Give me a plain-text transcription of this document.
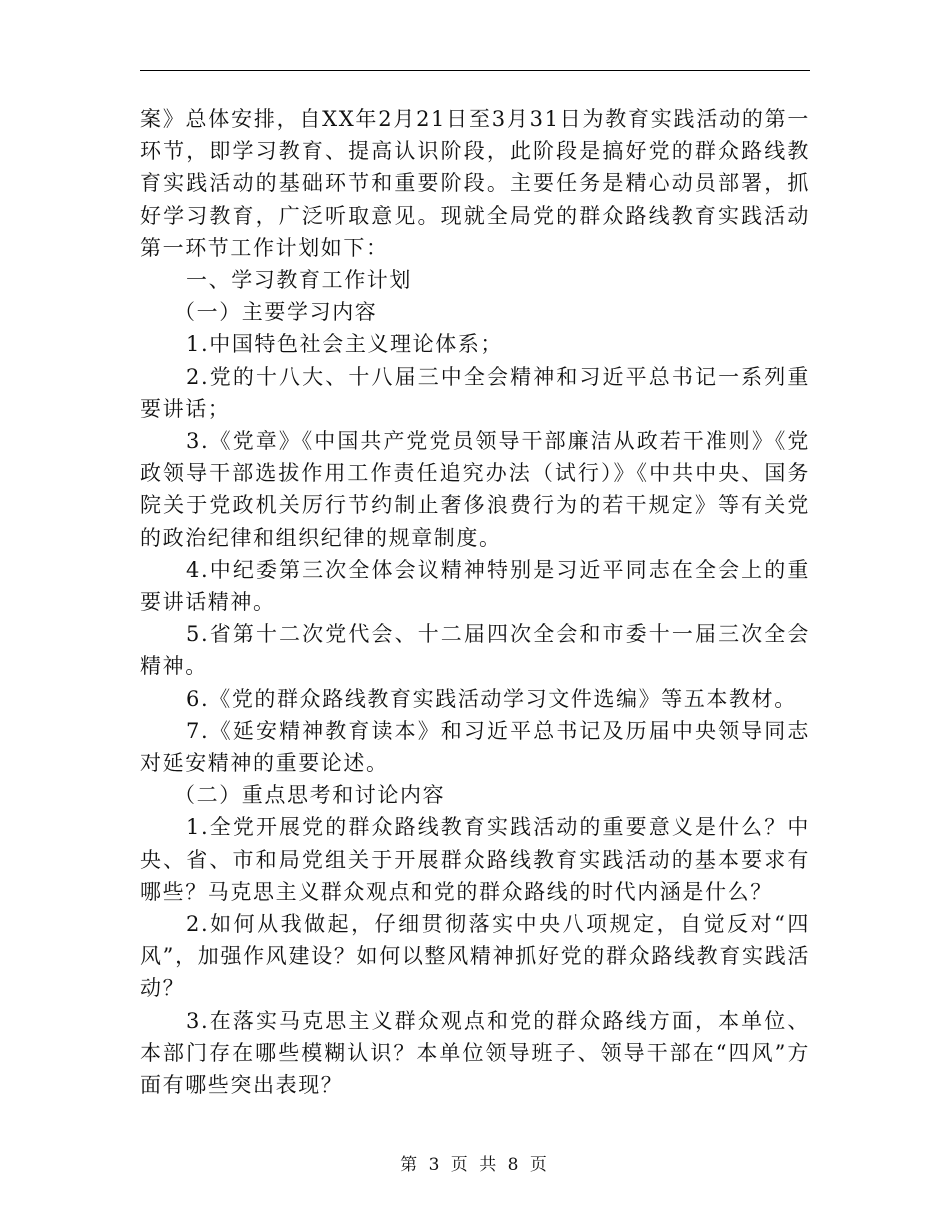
案》总体安排，自XX年2月21日至3月31日为教育实践活动的第一环节，即学习教育、提高认识阶段，此阶段是搞好党的群众路线教育实践活动的基础环节和重要阶段。主要任务是精心动员部署，抓好学习教育，广泛听取意见。现就全局党的群众路线教育实践活动第一环节工作计划如下：

一、学习教育工作计划

（一）主要学习内容

1.中国特色社会主义理论体系；

2.党的十八大、十八届三中全会精神和习近平总书记一系列重要讲话；

3.《党章》《中国共产党党员领导干部廉洁从政若干准则》《党政领导干部选拔作用工作责任追究办法（试行）》《中共中央、国务院关于党政机关厉行节约制止奢侈浪费行为的若干规定》等有关党的政治纪律和组织纪律的规章制度。

4.中纪委第三次全体会议精神特别是习近平同志在全会上的重要讲话精神。

5.省第十二次党代会、十二届四次全会和市委十一届三次全会精神。

6.《党的群众路线教育实践活动学习文件选编》等五本教材。

7.《延安精神教育读本》和习近平总书记及历届中央领导同志对延安精神的重要论述。

（二）重点思考和讨论内容

1.全党开展党的群众路线教育实践活动的重要意义是什么？中央、省、市和局党组关于开展群众路线教育实践活动的基本要求有哪些？马克思主义群众观点和党的群众路线的时代内涵是什么？

2.如何从我做起，仔细贯彻落实中央八项规定，自觉反对“四风”，加强作风建设？如何以整风精神抓好党的群众路线教育实践活动？

3.在落实马克思主义群众观点和党的群众路线方面，本单位、本部门存在哪些模糊认识？本单位领导班子、领导干部在“四风”方面有哪些突出表现？

第 3 页 共 8 页
